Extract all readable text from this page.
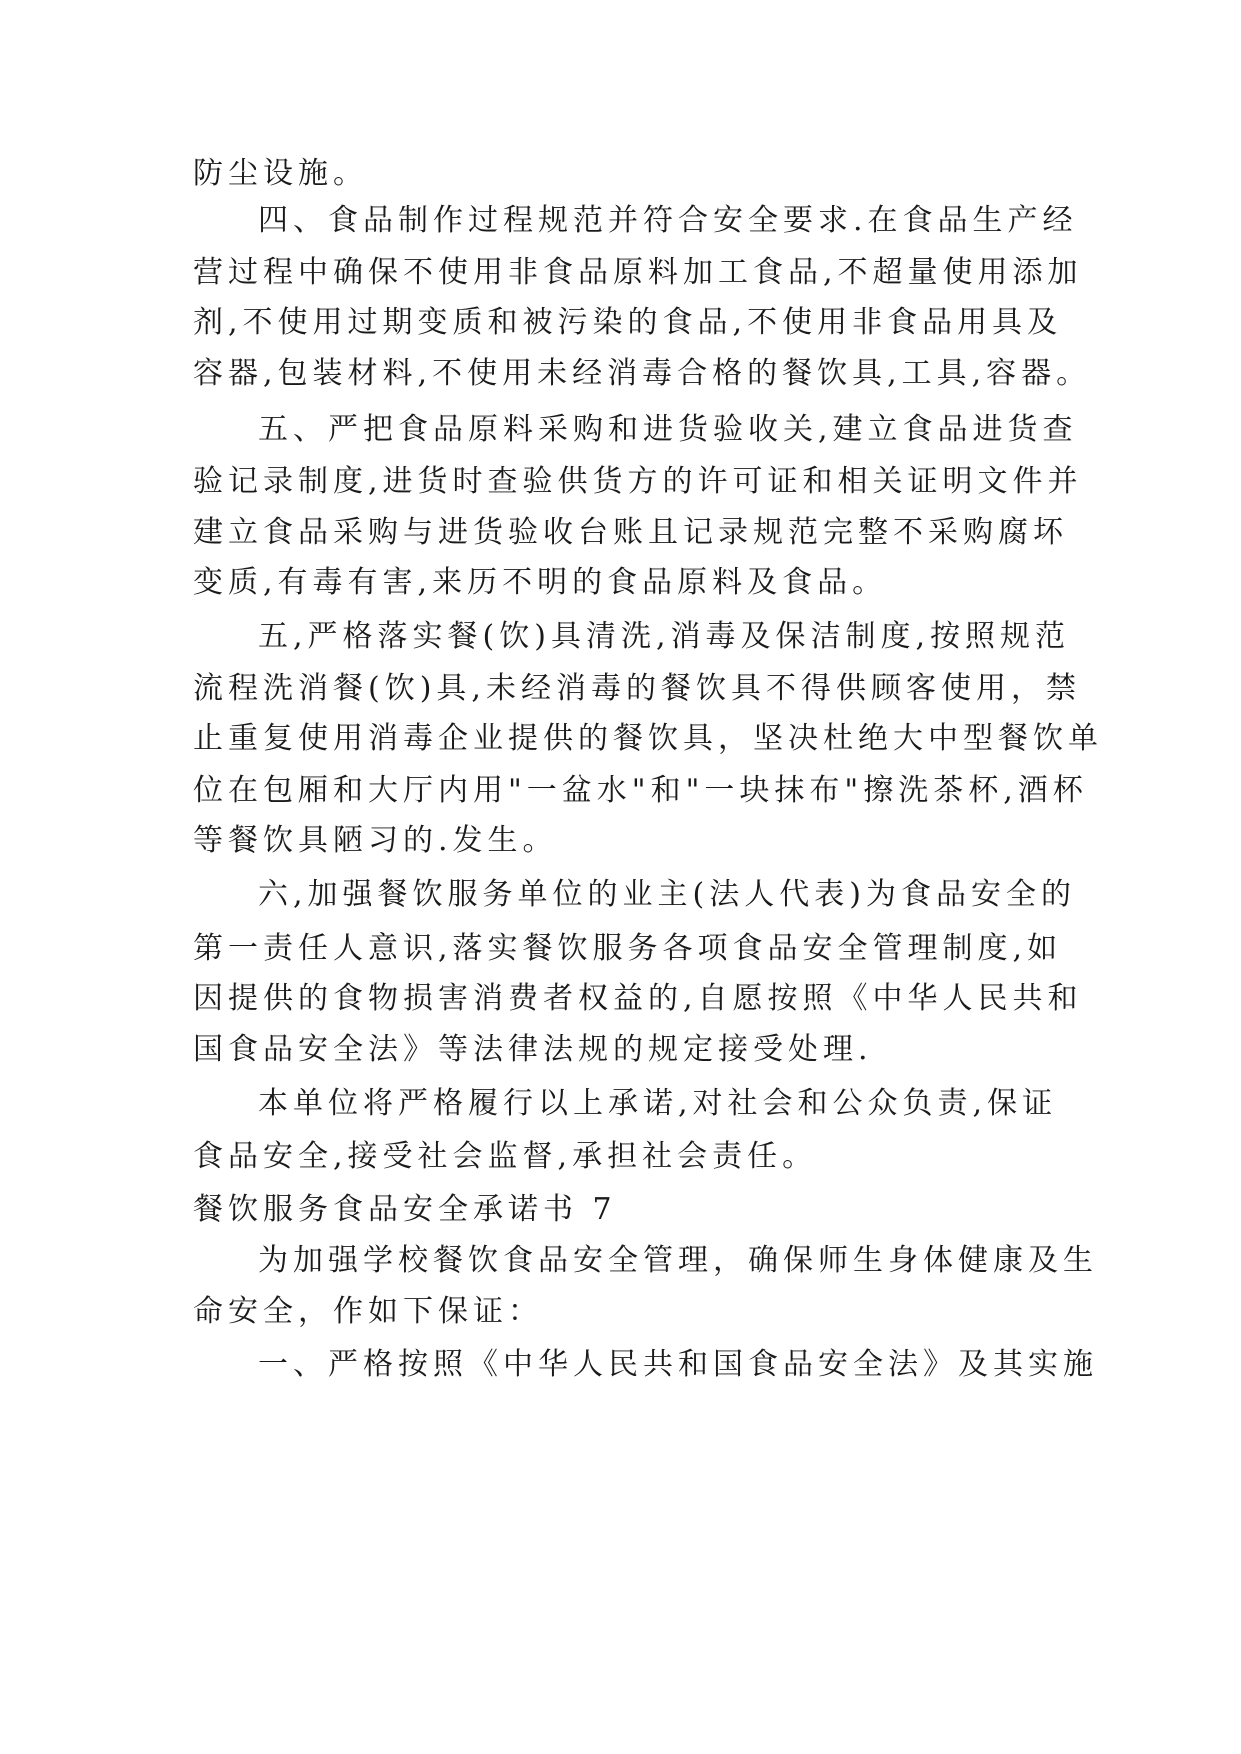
防尘设施。

四、食品制作过程规范并符合安全要求.在食品生产经

营过程中确保不使用非食品原料加工食品,不超量使用添加

剂,不使用过期变质和被污染的食品,不使用非食品用具及

容器,包装材料,不使用未经消毒合格的餐饮具,工具,容器。

五、严把食品原料采购和进货验收关,建立食品进货查

验记录制度,进货时查验供货方的许可证和相关证明文件并

建立食品采购与进货验收台账且记录规范完整不采购腐坏

变质,有毒有害,来历不明的食品原料及食品。

五,严格落实餐(饮)具清洗,消毒及保洁制度,按照规范

流程洗消餐(饮)具,未经消毒的餐饮具不得供顾客使用，禁

止重复使用消毒企业提供的餐饮具，坚决杜绝大中型餐饮单

位在包厢和大厅内用"一盆水"和"一块抹布"擦洗茶杯,酒杯

等餐饮具陋习的.发生。

六,加强餐饮服务单位的业主(法人代表)为食品安全的

第一责任人意识,落实餐饮服务各项食品安全管理制度,如

因提供的食物损害消费者权益的,自愿按照《中华人民共和

国食品安全法》等法律法规的规定接受处理.

本单位将严格履行以上承诺,对社会和公众负责,保证

食品安全,接受社会监督,承担社会责任。

餐饮服务食品安全承诺书 7

为加强学校餐饮食品安全管理，确保师生身体健康及生

命安全，作如下保证：

一、严格按照《中华人民共和国食品安全法》及其实施
